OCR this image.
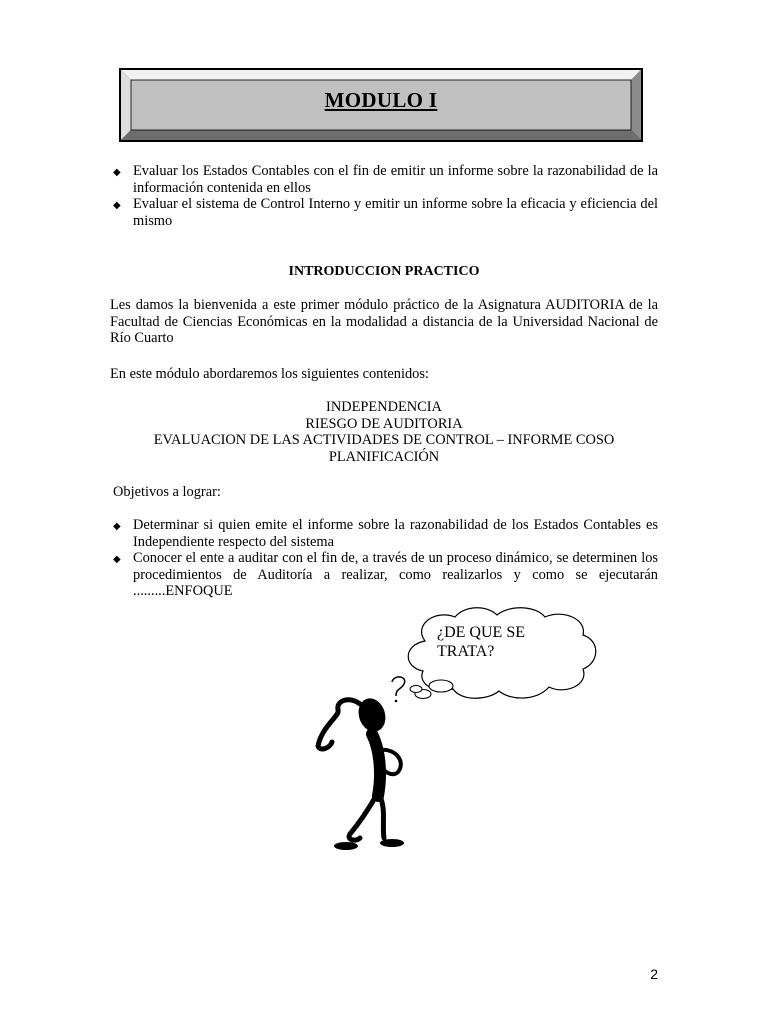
MODULO I
◆ Evaluar los Estados Contables con el fin de emitir un informe sobre la razonabilidad de la información contenida en ellos
◆ Evaluar el sistema de Control Interno y emitir un informe sobre la eficacia y eficiencia del mismo
INTRODUCCION PRACTICO
Les damos la bienvenida a este primer módulo práctico de la Asignatura AUDITORIA de la Facultad de Ciencias Económicas en la modalidad a distancia de la Universidad Nacional de Río Cuarto
En este módulo abordaremos los siguientes contenidos:
INDEPENDENCIA
RIESGO DE AUDITORIA
EVALUACION DE LAS ACTIVIDADES DE CONTROL – INFORME COSO
PLANIFICACIÓN
Objetivos a lograr:
◆ Determinar si quien emite el informe sobre la razonabilidad de los Estados Contables es Independiente respecto del sistema
◆ Conocer el ente a auditar con el fin de, a través de un proceso dinámico, se determinen los procedimientos de Auditoría a realizar, como realizarlos y como se ejecutarán .........ENFOQUE
¿DE QUE SE TRATA?
2
